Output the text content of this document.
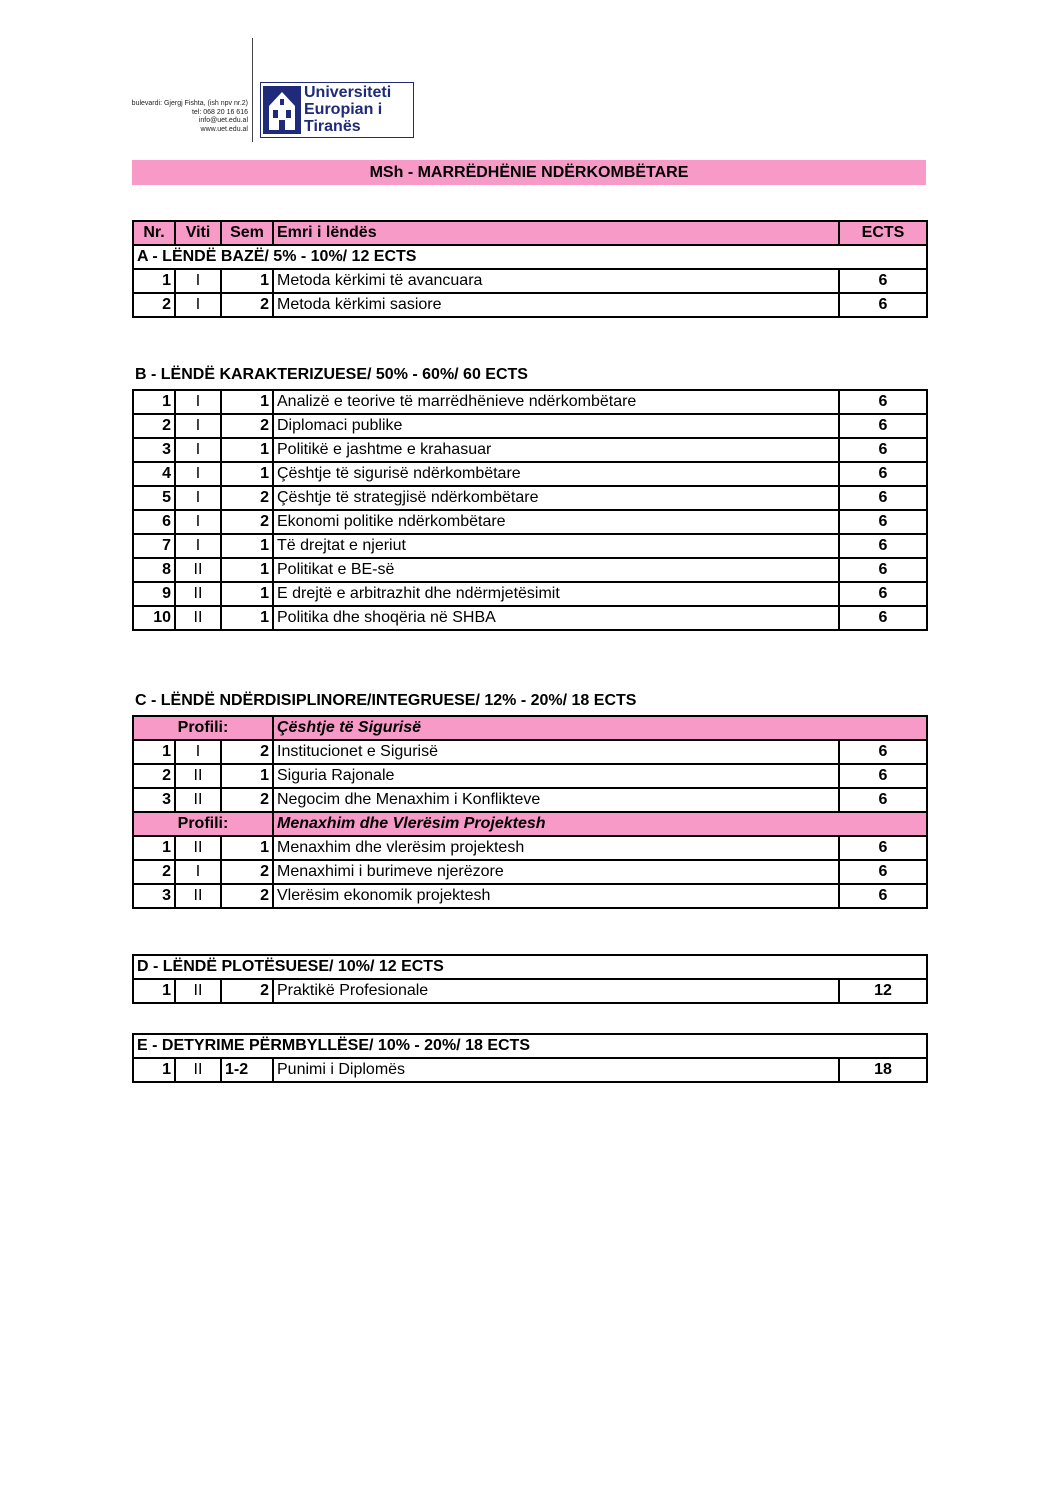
bulevardi: Gjergj Fishta, (ish npv nr.2)
tel: 068 20 16 616
info@uet.edu.al
www.uet.edu.al
Universiteti
Europian i
Tiranës
MSh - MARRËDHËNIE NDËRKOMBËTARE
Nr.	Viti	Sem	Emri i lëndës	ECTS
A - LËNDË BAZË/ 5% - 10%/ 12 ECTS				
1	I	1	Metoda kërkimi të avancuara	6
2	I	2	Metoda kërkimi sasiore	6
B - LËNDË KARAKTERIZUESE/ 50% - 60%/ 60 ECTS
1	I	1	Analizë e teorive të marrëdhënieve ndërkombëtare	6
2	I	2	Diplomaci publike	6
3	I	1	Politikë e jashtme e krahasuar	6
4	I	1	Çështje të sigurisë ndërkombëtare	6
5	I	2	Çështje të strategjisë ndërkombëtare	6
6	I	2	Ekonomi politike ndërkombëtare	6
7	I	1	Të drejtat e njeriut	6
8	II	1	Politikat e BE-së	6
9	II	1	E drejtë e arbitrazhit dhe ndërmjetësimit	6
10	II	1	Politika dhe shoqëria në SHBA	6
C - LËNDË NDËRDISIPLINORE/INTEGRUESE/ 12% - 20%/ 18 ECTS
Profili:			Çështje të Sigurisë	
1	I	2	Institucionet e Sigurisë	6
2	II	1	Siguria Rajonale	6
3	II	2	Negocim dhe Menaxhim i Konflikteve	6
Profili:			Menaxhim dhe Vlerësim Projektesh	
1	II	1	Menaxhim dhe vlerësim projektesh	6
2	I	2	Menaxhimi i burimeve njerëzore	6
3	II	2	Vlerësim ekonomik projektesh	6
D - LËNDË PLOTËSUESE/ 10%/ 12 ECTS
1	II	2	Praktikë Profesionale	12
E - DETYRIME PËRMBYLLËSE/ 10% - 20%/ 18 ECTS
1	II	1-2	Punimi i Diplomës	18
